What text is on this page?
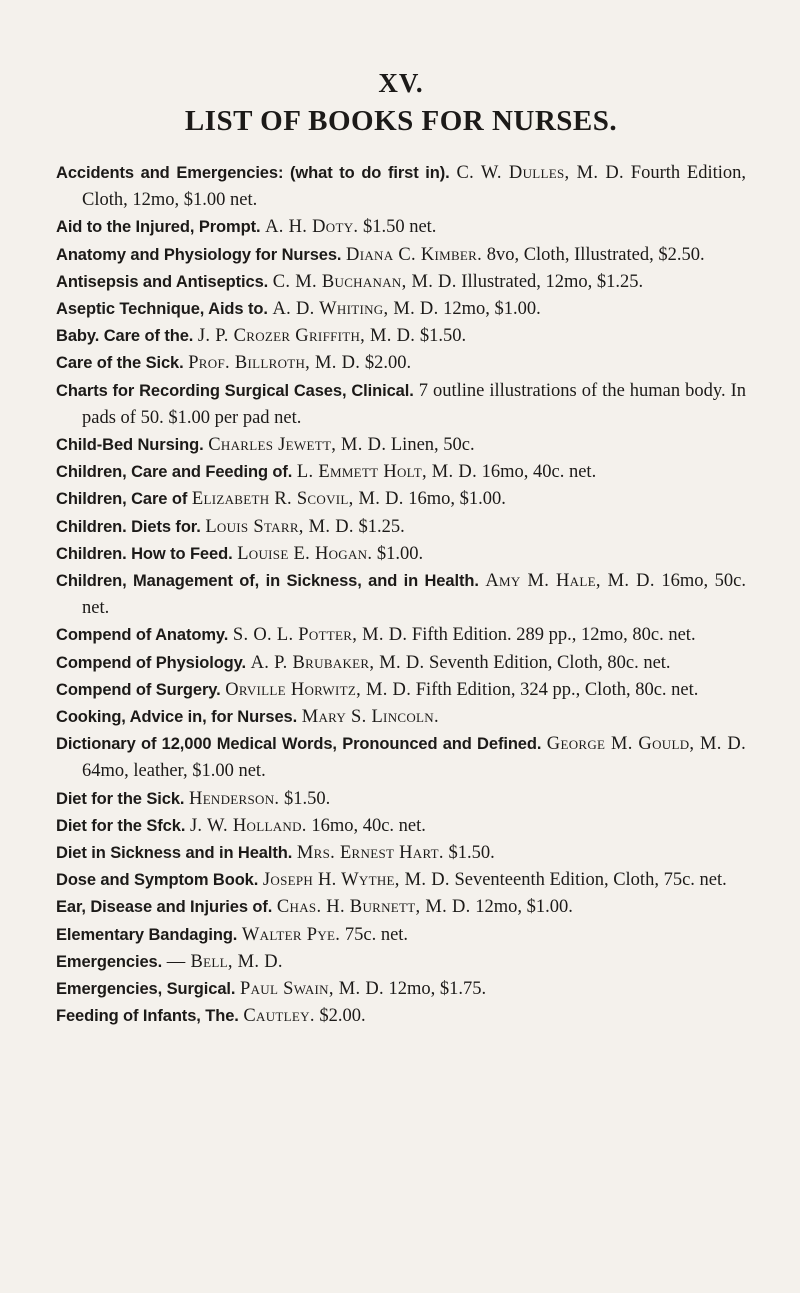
XV.
LIST OF BOOKS FOR NURSES.
Accidents and Emergencies: (what to do first in). C. W. Dulles, M. D. Fourth Edition, Cloth, 12mo, $1.00 net.
Aid to the Injured, Prompt. A. H. Doty. $1.50 net.
Anatomy and Physiology for Nurses. Diana C. Kimber. 8vo, Cloth, Illustrated, $2.50.
Antisepsis and Antiseptics. C. M. Buchanan, M. D. Illustrated, 12mo, $1.25.
Aseptic Technique, Aids to. A. D. Whiting, M. D. 12mo, $1.00.
Baby. Care of the. J. P. Crozer Griffith, M. D. $1.50.
Care of the Sick. Prof. Billroth, M. D. $2.00.
Charts for Recording Surgical Cases, Clinical. 7 outline illustrations of the human body. In pads of 50. $1.00 per pad net.
Child-Bed Nursing. Charles Jewett, M. D. Linen, 50c.
Children, Care and Feeding of. L. Emmett Holt, M. D. 16mo, 40c. net.
Children, Care of Elizabeth R. Scovil, M. D. 16mo, $1.00.
Children. Diets for. Louis Starr, M. D. $1.25.
Children. How to Feed. Louise E. Hogan. $1.00.
Children, Management of, in Sickness, and in Health. Amy M. Hale, M. D. 16mo, 50c. net.
Compend of Anatomy. S. O. L. Potter, M. D. Fifth Edition. 289 pp., 12mo, 80c. net.
Compend of Physiology. A. P. Brubaker, M. D. Seventh Edition, Cloth, 80c. net.
Compend of Surgery. Orville Horwitz, M. D. Fifth Edition, 324 pp., Cloth, 80c. net.
Cooking, Advice in, for Nurses. Mary S. Lincoln.
Dictionary of 12,000 Medical Words, Pronounced and Defined. George M. Gould, M. D. 64mo, leather, $1.00 net.
Diet for the Sick. Henderson. $1.50.
Diet for the Sfck. J. W. Holland. 16mo, 40c. net.
Diet in Sickness and in Health. Mrs. Ernest Hart. $1.50.
Dose and Symptom Book. Joseph H. Wythe, M. D. Seventeenth Edition, Cloth, 75c. net.
Ear, Disease and Injuries of. Chas. H. Burnett, M. D. 12mo, $1.00.
Elementary Bandaging. Walter Pye. 75c. net.
Emergencies. — Bell, M. D.
Emergencies, Surgical. Paul Swain, M. D. 12mo, $1.75.
Feeding of Infants, The. Cautley. $2.00.
